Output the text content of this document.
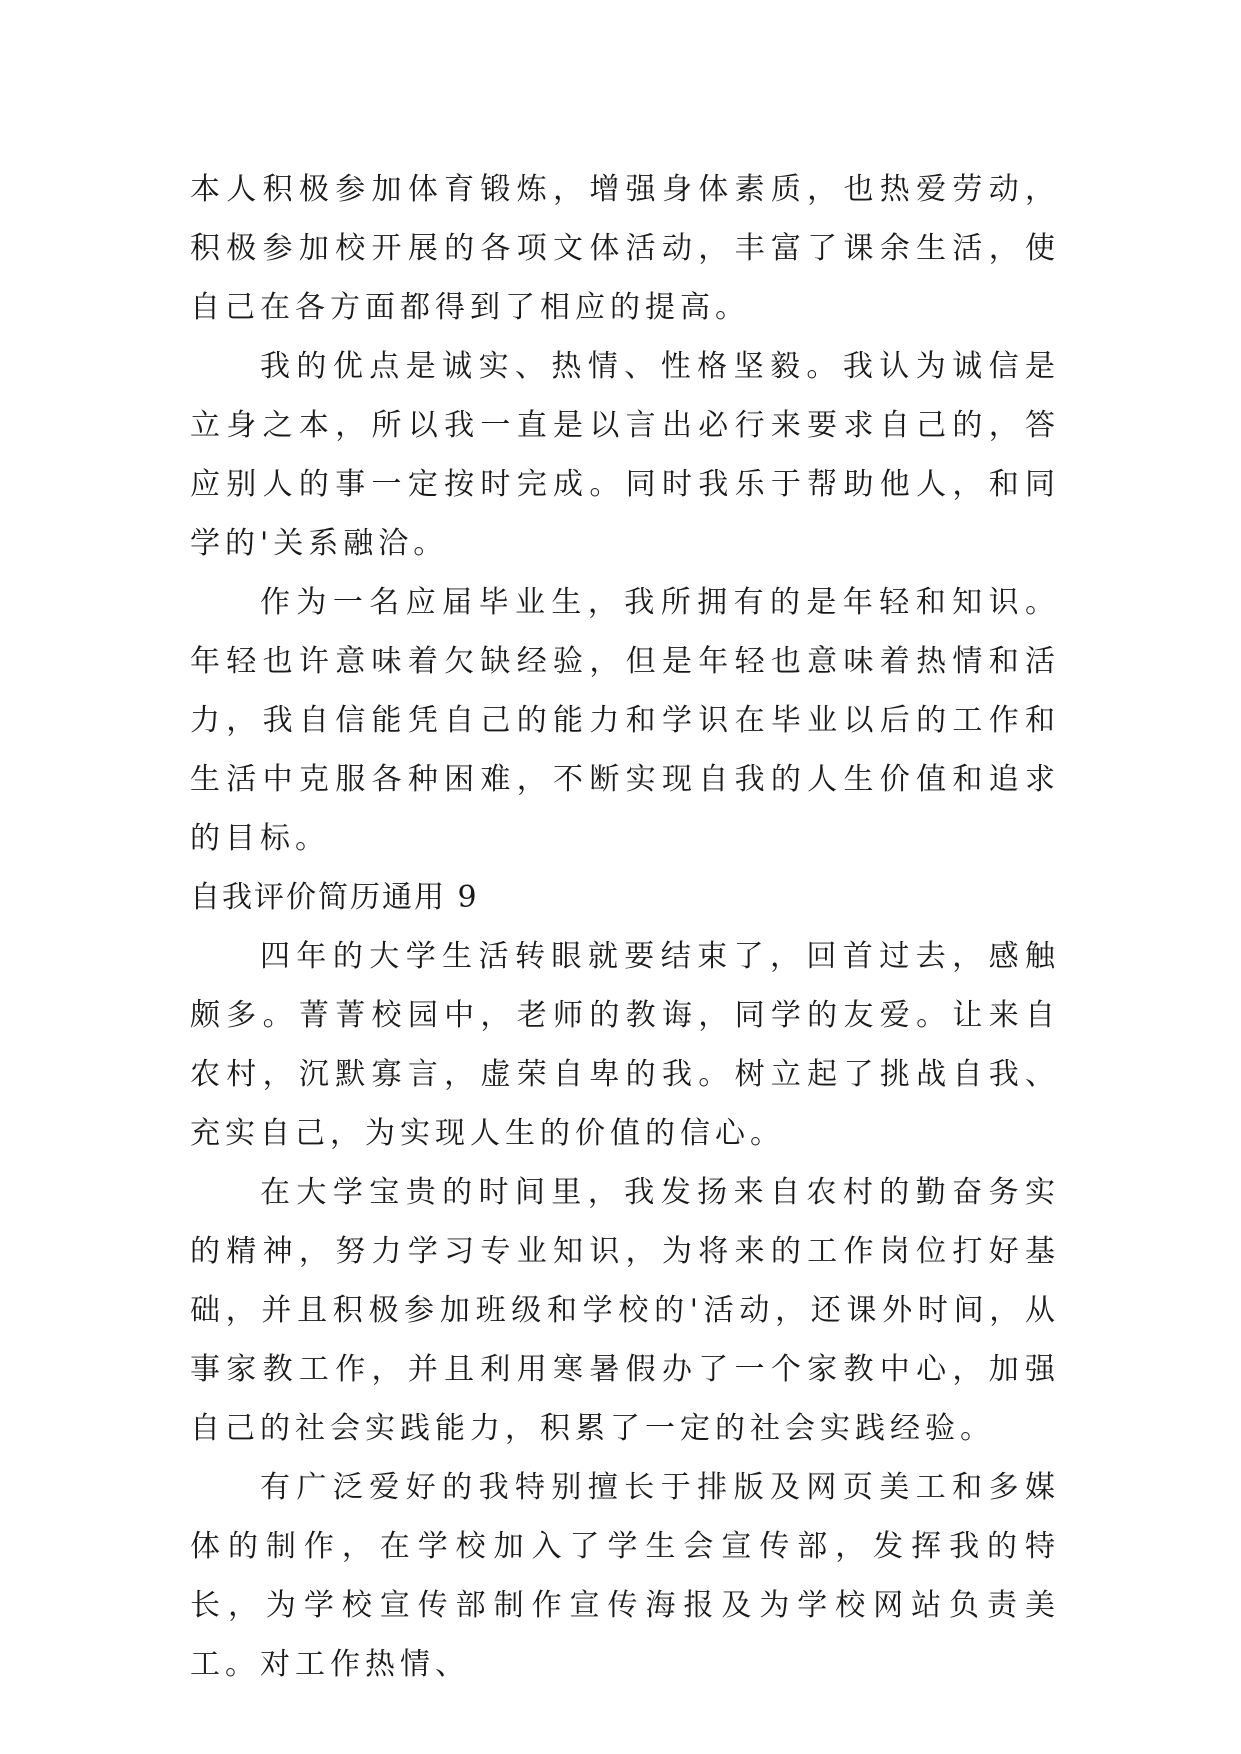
本人积极参加体育锻炼，增强身体素质，也热爱劳动，积极参加校开展的各项文体活动，丰富了课余生活，使自己在各方面都得到了相应的提高。

我的优点是诚实、热情、性格坚毅。我认为诚信是立身之本，所以我一直是以言出必行来要求自己的，答应别人的事一定按时完成。同时我乐于帮助他人，和同学的'关系融洽。

作为一名应届毕业生，我所拥有的是年轻和知识。年轻也许意味着欠缺经验，但是年轻也意味着热情和活力，我自信能凭自己的能力和学识在毕业以后的工作和生活中克服各种困难，不断实现自我的人生价值和追求的目标。

自我评价简历通用 9

四年的大学生活转眼就要结束了，回首过去，感触颇多。菁菁校园中，老师的教诲，同学的友爱。让来自农村，沉默寡言，虚荣自卑的我。树立起了挑战自我、充实自己，为实现人生的价值的信心。

在大学宝贵的时间里，我发扬来自农村的勤奋务实的精神，努力学习专业知识，为将来的工作岗位打好基础，并且积极参加班级和学校的'活动，还课外时间，从事家教工作，并且利用寒暑假办了一个家教中心，加强自己的社会实践能力，积累了一定的社会实践经验。

有广泛爱好的我特别擅长于排版及网页美工和多媒体的制作，在学校加入了学生会宣传部，发挥我的特长，为学校宣传部制作宣传海报及为学校网站负责美工。对工作热情、
